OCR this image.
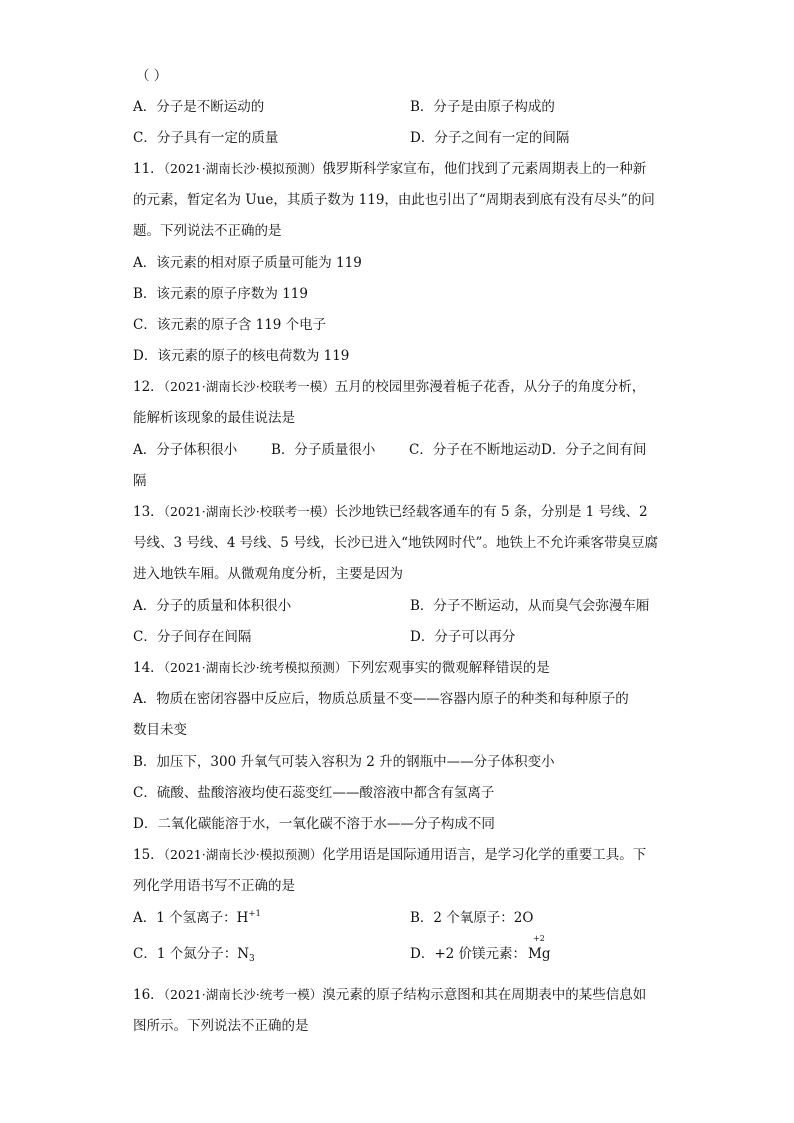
（ ）
A．分子是不断运动的	B．分子是由原子构成的
C．分子具有一定的质量	D．分子之间有一定的间隔
11．（2021·湖南长沙·模拟预测）俄罗斯科学家宣布，他们找到了元素周期表上的一种新
的元素，暂定名为 Uue，其质子数为 119，由此也引出了“周期表到底有没有尽头”的问
题。下列说法不正确的是
A．该元素的相对原子质量可能为 119
B．该元素的原子序数为 119
C．该元素的原子含 119 个电子
D．该元素的原子的核电荷数为 119
12．（2021·湖南长沙·校联考一模）五月的校园里弥漫着栀子花香，从分子的角度分析，
能解析该现象的最佳说法是
A．分子体积很小	B．分子质量很小 C．分子在不断地运动 D．分子之间有间
隔
13．（2021·湖南长沙·校联考一模）长沙地铁已经载客通车的有 5 条，分别是 1 号线、2
号线、3 号线、4 号线、5 号线，长沙已进入“地铁网时代”。地铁上不允许乘客带臭豆腐
进入地铁车厢。从微观角度分析，主要是因为
A．分子的质量和体积很小	B．分子不断运动，从而臭气会弥漫车厢
C．分子间存在间隔	D．分子可以再分
14．（2021·湖南长沙·统考模拟预测）下列宏观事实的微观解释错误的是
A．物质在密闭容器中反应后，物质总质量不变——容器内原子的种类和每种原子的
数目未变
B．加压下，300 升氧气可装入容积为 2 升的钢瓶中——分子体积变小
C．硫酸、盐酸溶液均使石蕊变红——酸溶液中都含有氢离子
D．二氧化碳能溶于水，一氧化碳不溶于水——分子构成不同
15．（2021·湖南长沙·模拟预测）化学用语是国际通用语言，是学习化学的重要工具。下
列化学用语书写不正确的是
A．1 个氢离子：$H^{+1}$	B．2 个氧原子：2O
C．1 个氮分子：$N_3$	D．+2 价镁元素：
+2
Mg
16．（2021·湖南长沙·统考一模）溴元素的原子结构示意图和其在周期表中的某些信息如
图所示。下列说法不正确的是
